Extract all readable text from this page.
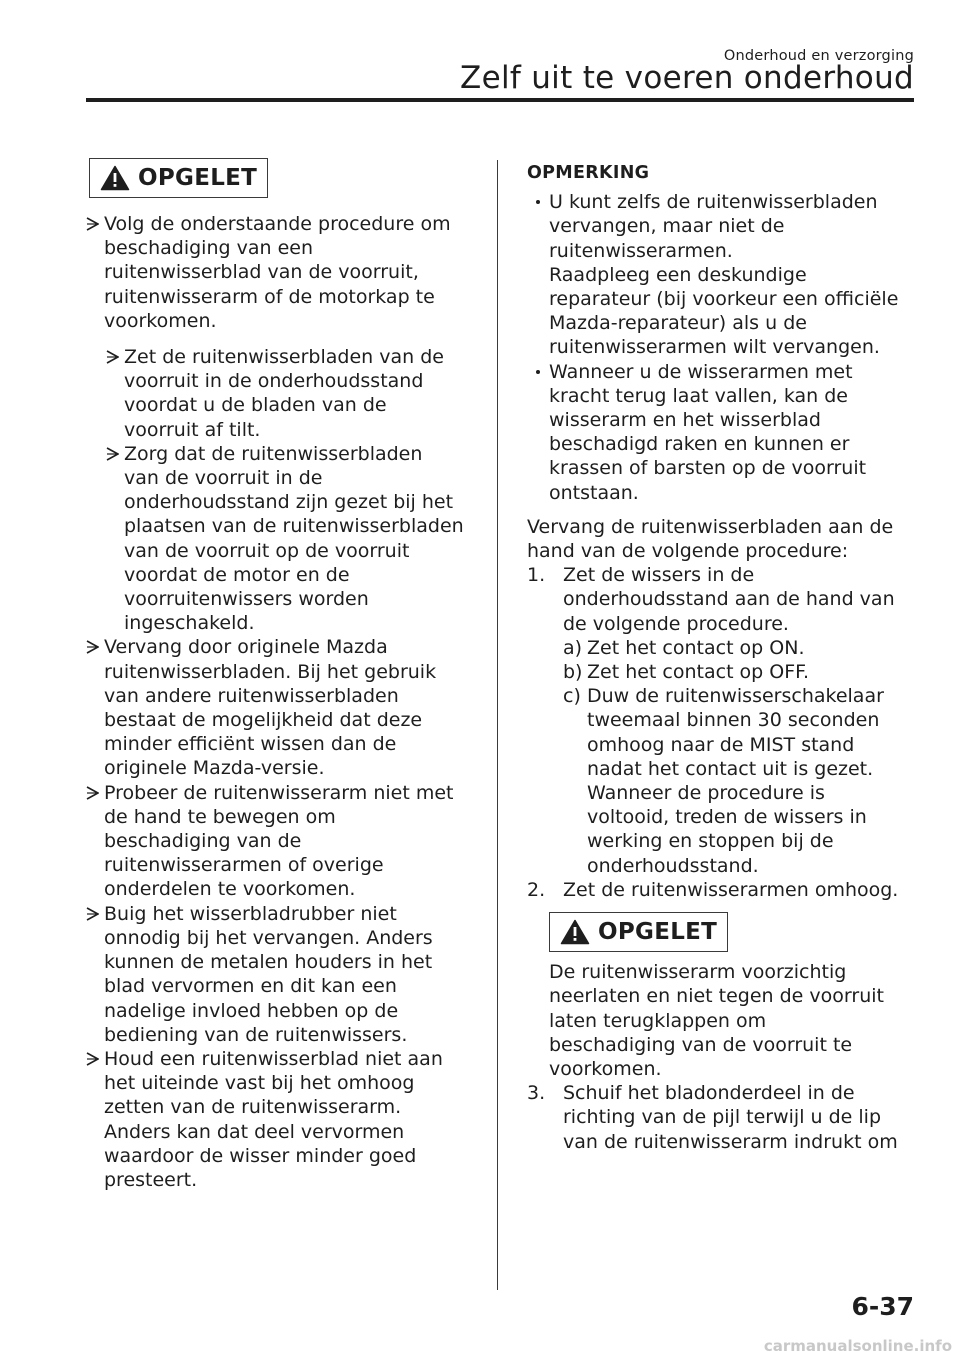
Onderhoud en verzorging
Zelf uit te voeren onderhoud
OPGELET
Volg de onderstaande procedure om
beschadiging van een
ruitenwisserblad van de voorruit,
ruitenwisserarm of de motorkap te
voorkomen.
Zet de ruitenwisserbladen van de
voorruit in de onderhoudsstand
voordat u de bladen van de
voorruit af tilt.
Zorg dat de ruitenwisserbladen
van de voorruit in de
onderhoudsstand zijn gezet bij het
plaatsen van de ruitenwisserbladen
van de voorruit op de voorruit
voordat de motor en de
voorruitenwissers worden
ingeschakeld.
Vervang door originele Mazda
ruitenwisserbladen. Bij het gebruik
van andere ruitenwisserbladen
bestaat de mogelijkheid dat deze
minder efficiënt wissen dan de
originele Mazda-versie.
Probeer de ruitenwisserarm niet met
de hand te bewegen om
beschadiging van de
ruitenwisserarmen of overige
onderdelen te voorkomen.
Buig het wisserbladrubber niet
onnodig bij het vervangen. Anders
kunnen de metalen houders in het
blad vervormen en dit kan een
nadelige invloed hebben op de
bediening van de ruitenwissers.
Houd een ruitenwisserblad niet aan
het uiteinde vast bij het omhoog
zetten van de ruitenwisserarm.
Anders kan dat deel vervormen
waardoor de wisser minder goed
presteert.
OPMERKING
U kunt zelfs de ruitenwisserbladen
vervangen, maar niet de
ruitenwisserarmen.
Raadpleeg een deskundige
reparateur (bij voorkeur een officiële
Mazda-reparateur) als u de
ruitenwisserarmen wilt vervangen.
Wanneer u de wisserarmen met
kracht terug laat vallen, kan de
wisserarm en het wisserblad
beschadigd raken en kunnen er
krassen of barsten op de voorruit
ontstaan.
Vervang de ruitenwisserbladen aan de
hand van de volgende procedure:
1. Zet de wissers in de
onderhoudsstand aan de hand van
de volgende procedure.
a) Zet het contact op ON.
b) Zet het contact op OFF.
c) Duw de ruitenwisserschakelaar
tweemaal binnen 30 seconden
omhoog naar de MIST stand
nadat het contact uit is gezet.
Wanneer de procedure is
voltooid, treden de wissers in
werking en stoppen bij de
onderhoudsstand.
2. Zet de ruitenwisserarmen omhoog.
OPGELET
De ruitenwisserarm voorzichtig
neerlaten en niet tegen de voorruit
laten terugklappen om
beschadiging van de voorruit te
voorkomen.
3. Schuif het bladonderdeel in de
richting van de pijl terwijl u de lip
van de ruitenwisserarm indrukt om
6-37
carmanualsonline.info
